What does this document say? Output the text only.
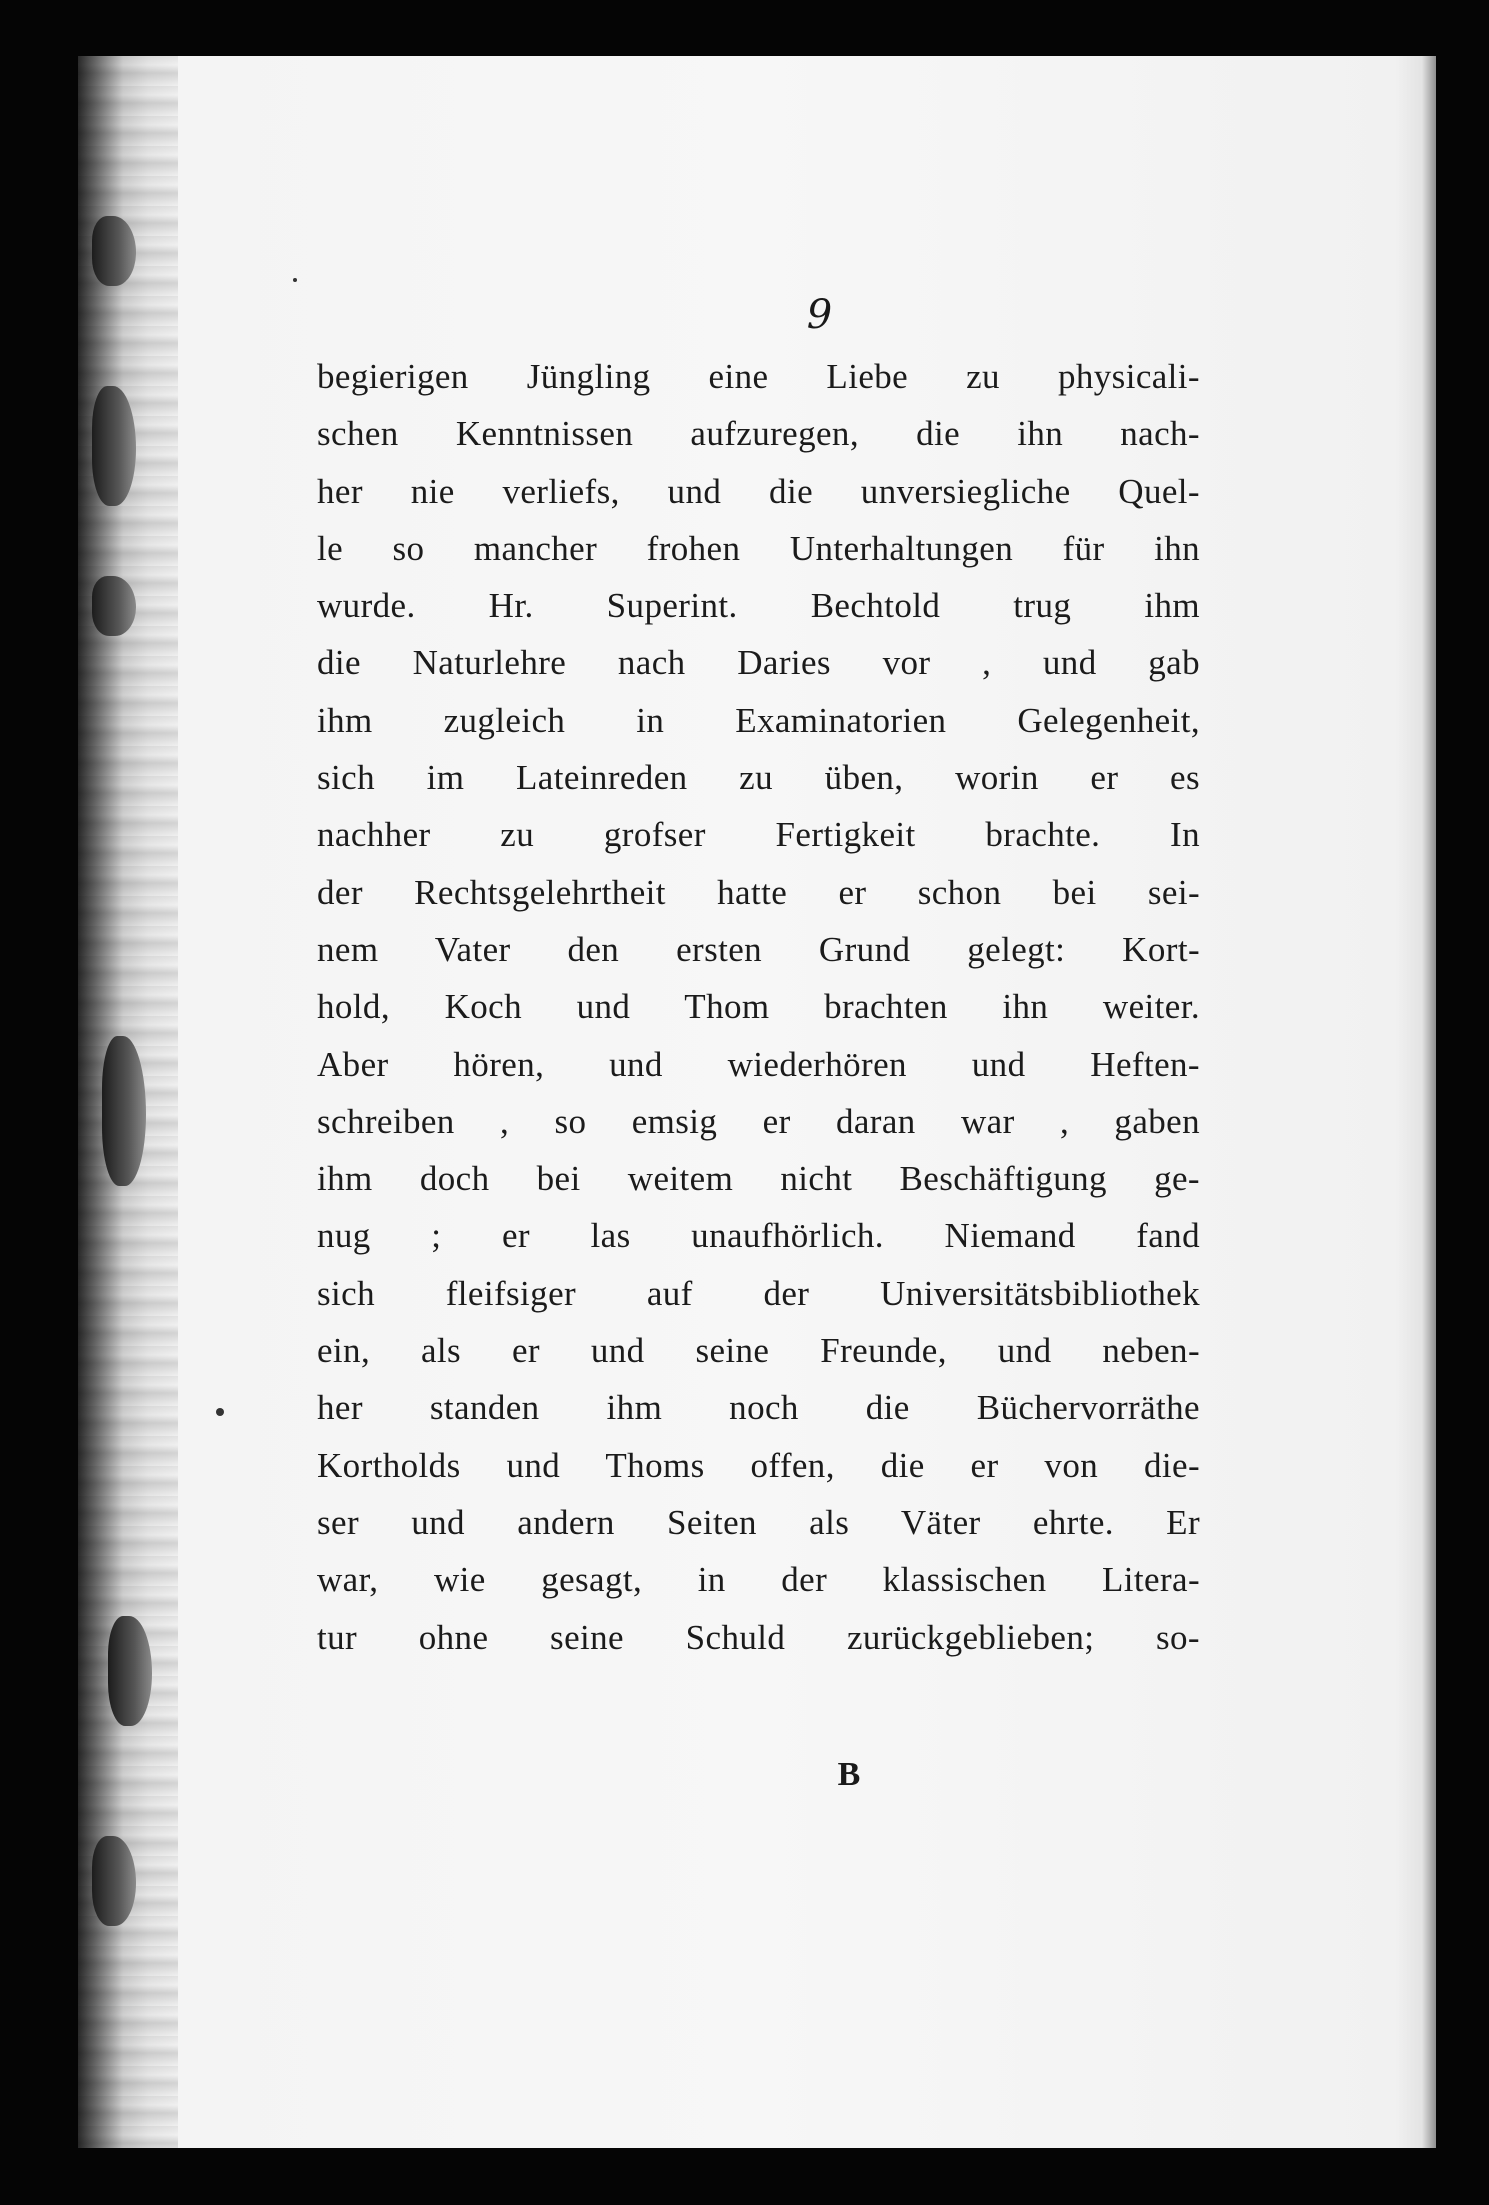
9
begierigen Jüngling eine Liebe zu physicali-
schen Kenntnissen aufzuregen, die ihn nach-
her nie verliefs, und die unversiegliche Quel-
le so mancher frohen Unterhaltungen für ihn
wurde. Hr. Superint. Bechtold trug ihm
die Naturlehre nach Daries vor , und gab
ihm zugleich in Examinatorien Gelegenheit,
sich im Lateinreden zu üben, worin er es
nachher zu grofser Fertigkeit brachte. In
der Rechtsgelehrtheit hatte er schon bei sei-
nem Vater den ersten Grund gelegt: Kort-
hold, Koch und Thom brachten ihn weiter.
Aber hören, und wiederhören und Heften-
schreiben , so emsig er daran war , gaben
ihm doch bei weitem nicht Beschäftigung ge-
nug ; er las unaufhörlich. Niemand fand
sich fleifsiger auf der Universitätsbibliothek
ein, als er und seine Freunde, und neben-
her standen ihm noch die Büchervorräthe
Kortholds und Thoms offen, die er von die-
ser und andern Seiten als Väter ehrte. Er
war, wie gesagt, in der klassischen Litera-
tur ohne seine Schuld zurückgeblieben; so-
B
